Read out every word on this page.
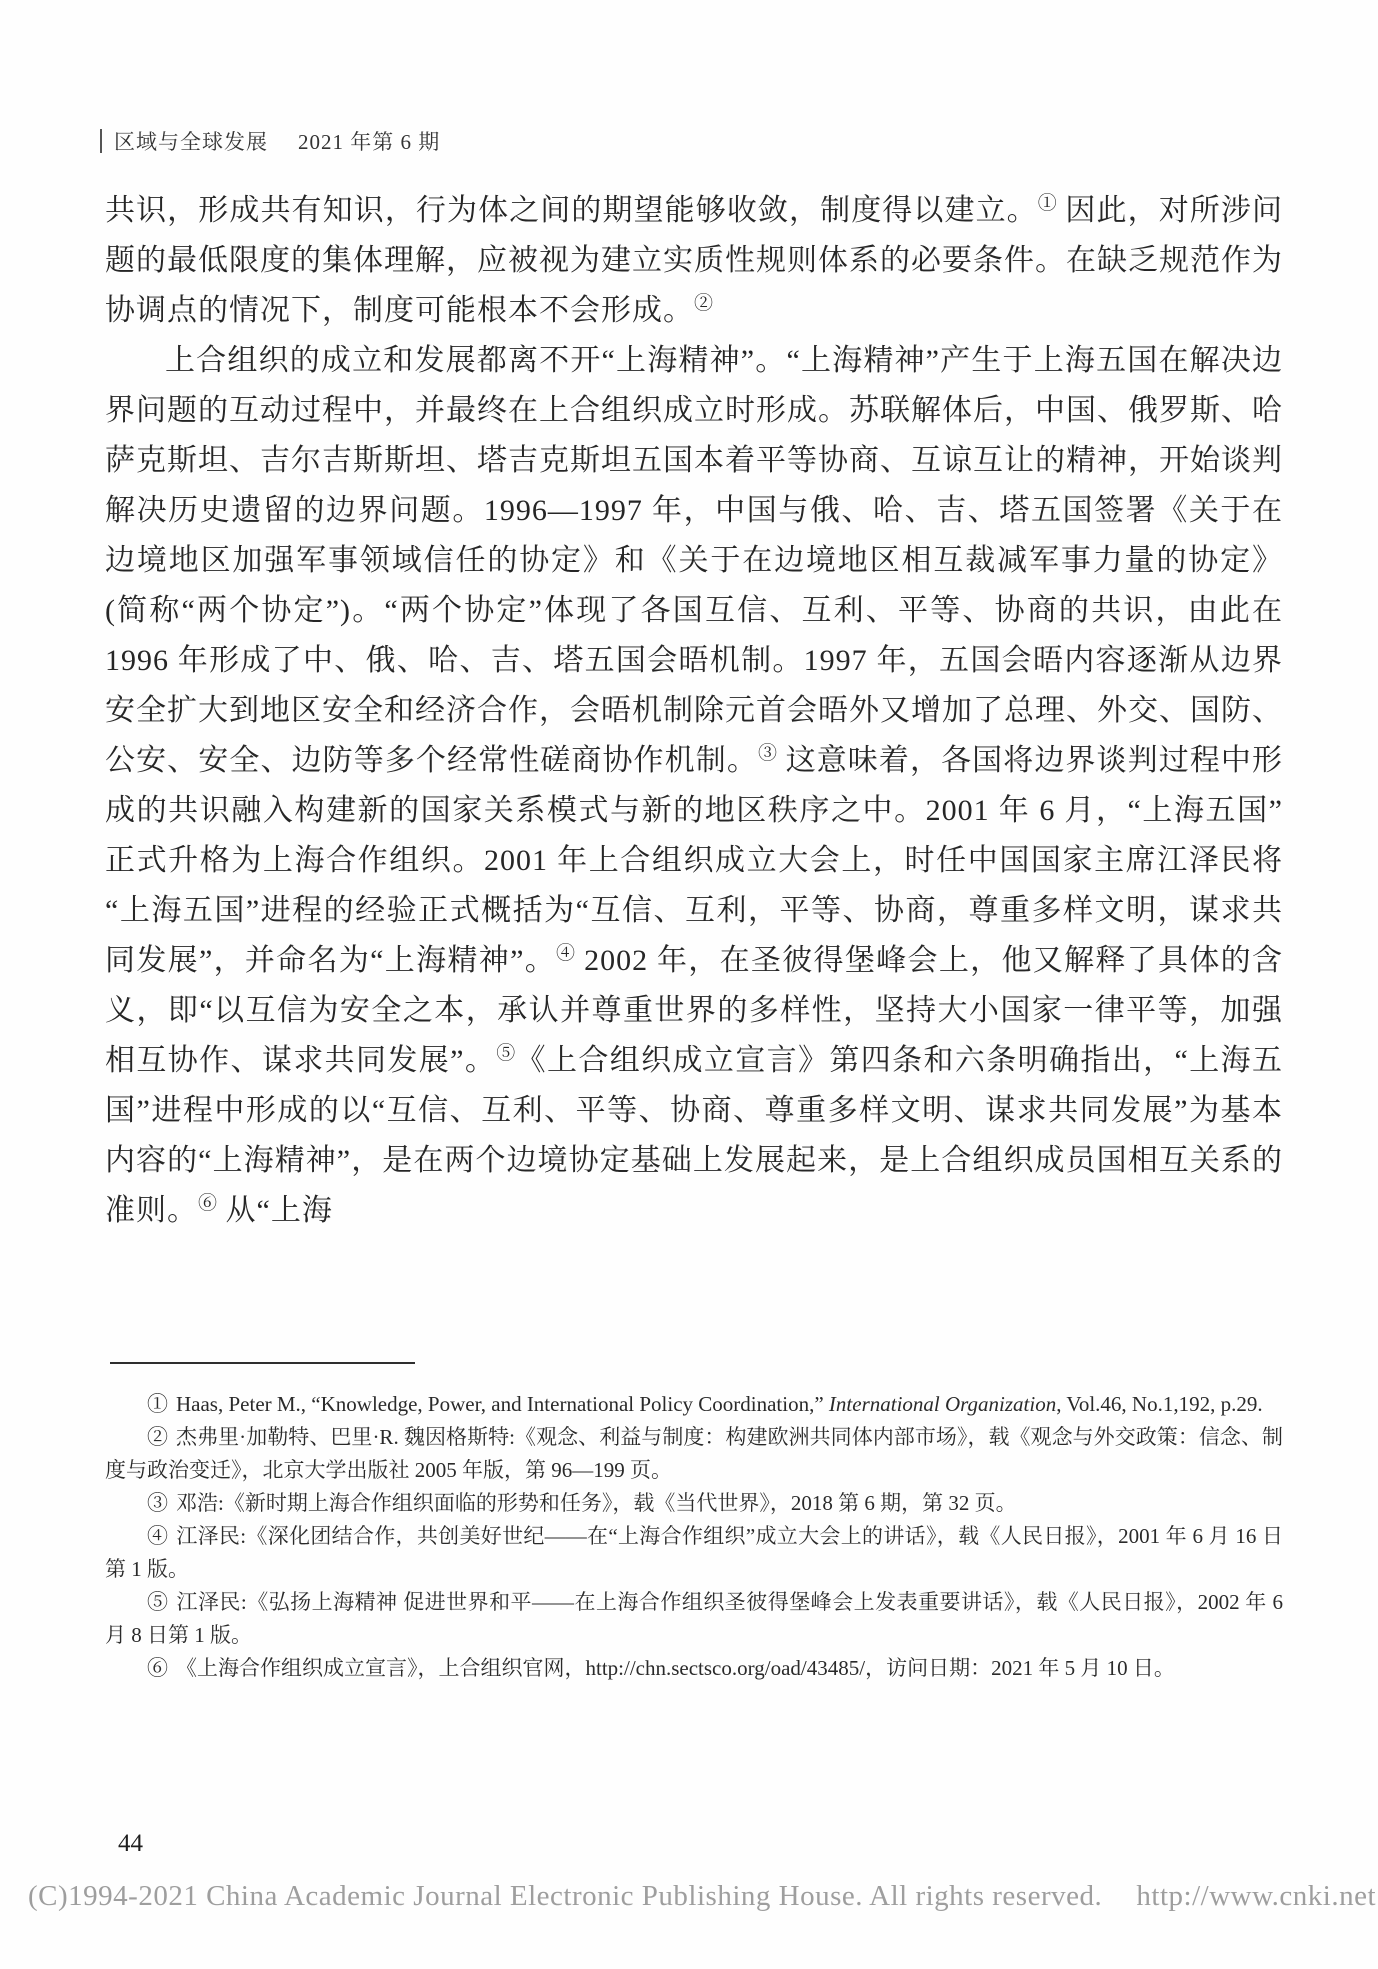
区域与全球发展 2021 年第 6 期

共识，形成共有知识，行为体之间的期望能够收敛，制度得以建立。① 因此，对所涉问题的最低限度的集体理解，应被视为建立实质性规则体系的必要条件。在缺乏规范作为协调点的情况下，制度可能根本不会形成。②

上合组织的成立和发展都离不开“上海精神”。“上海精神”产生于上海五国在解决边界问题的互动过程中，并最终在上合组织成立时形成。苏联解体后，中国、俄罗斯、哈萨克斯坦、吉尔吉斯斯坦、塔吉克斯坦五国本着平等协商、互谅互让的精神，开始谈判解决历史遗留的边界问题。1996—1997 年，中国与俄、哈、吉、塔五国签署《关于在边境地区加强军事领域信任的协定》和《关于在边境地区相互裁减军事力量的协定》(简称“两个协定”)。“两个协定”体现了各国互信、互利、平等、协商的共识，由此在 1996 年形成了中、俄、哈、吉、塔五国会晤机制。1997 年，五国会晤内容逐渐从边界安全扩大到地区安全和经济合作，会晤机制除元首会晤外又增加了总理、外交、国防、公安、安全、边防等多个经常性磋商协作机制。③ 这意味着，各国将边界谈判过程中形成的共识融入构建新的国家关系模式与新的地区秩序之中。2001 年 6 月，“上海五国”正式升格为上海合作组织。2001 年上合组织成立大会上，时任中国国家主席江泽民将“上海五国”进程的经验正式概括为“互信、互利，平等、协商，尊重多样文明，谋求共同发展”，并命名为“上海精神”。④ 2002 年，在圣彼得堡峰会上，他又解释了具体的含义，即“以互信为安全之本，承认并尊重世界的多样性，坚持大小国家一律平等，加强相互协作、谋求共同发展”。⑤《上合组织成立宣言》第四条和六条明确指出，“上海五国”进程中形成的以“互信、互利、平等、协商、尊重多样文明、谋求共同发展”为基本内容的“上海精神”，是在两个边境协定基础上发展起来，是上合组织成员国相互关系的准则。⑥ 从“上海

① Haas, Peter M., “Knowledge, Power, and International Policy Coordination,” International Organization, Vol.46, No.1,192, p.29.

② 杰弗里·加勒特、巴里·R. 魏因格斯特:《观念、利益与制度：构建欧洲共同体内部市场》，载《观念与外交政策：信念、制度与政治变迁》，北京大学出版社 2005 年版，第 96—199 页。

③ 邓浩:《新时期上海合作组织面临的形势和任务》，载《当代世界》，2018 第 6 期，第 32 页。

④ 江泽民:《深化团结合作，共创美好世纪——在“上海合作组织”成立大会上的讲话》，载《人民日报》，2001 年 6 月 16 日第 1 版。

⑤ 江泽民:《弘扬上海精神 促进世界和平——在上海合作组织圣彼得堡峰会上发表重要讲话》，载《人民日报》，2002 年 6 月 8 日第 1 版。

⑥ 《上海合作组织成立宣言》，上合组织官网，http://chn.sectsco.org/oad/43485/，访问日期：2021 年 5 月 10 日。

44
(C)1994-2021 China Academic Journal Electronic Publishing House. All rights reserved. http://www.cnki.net
